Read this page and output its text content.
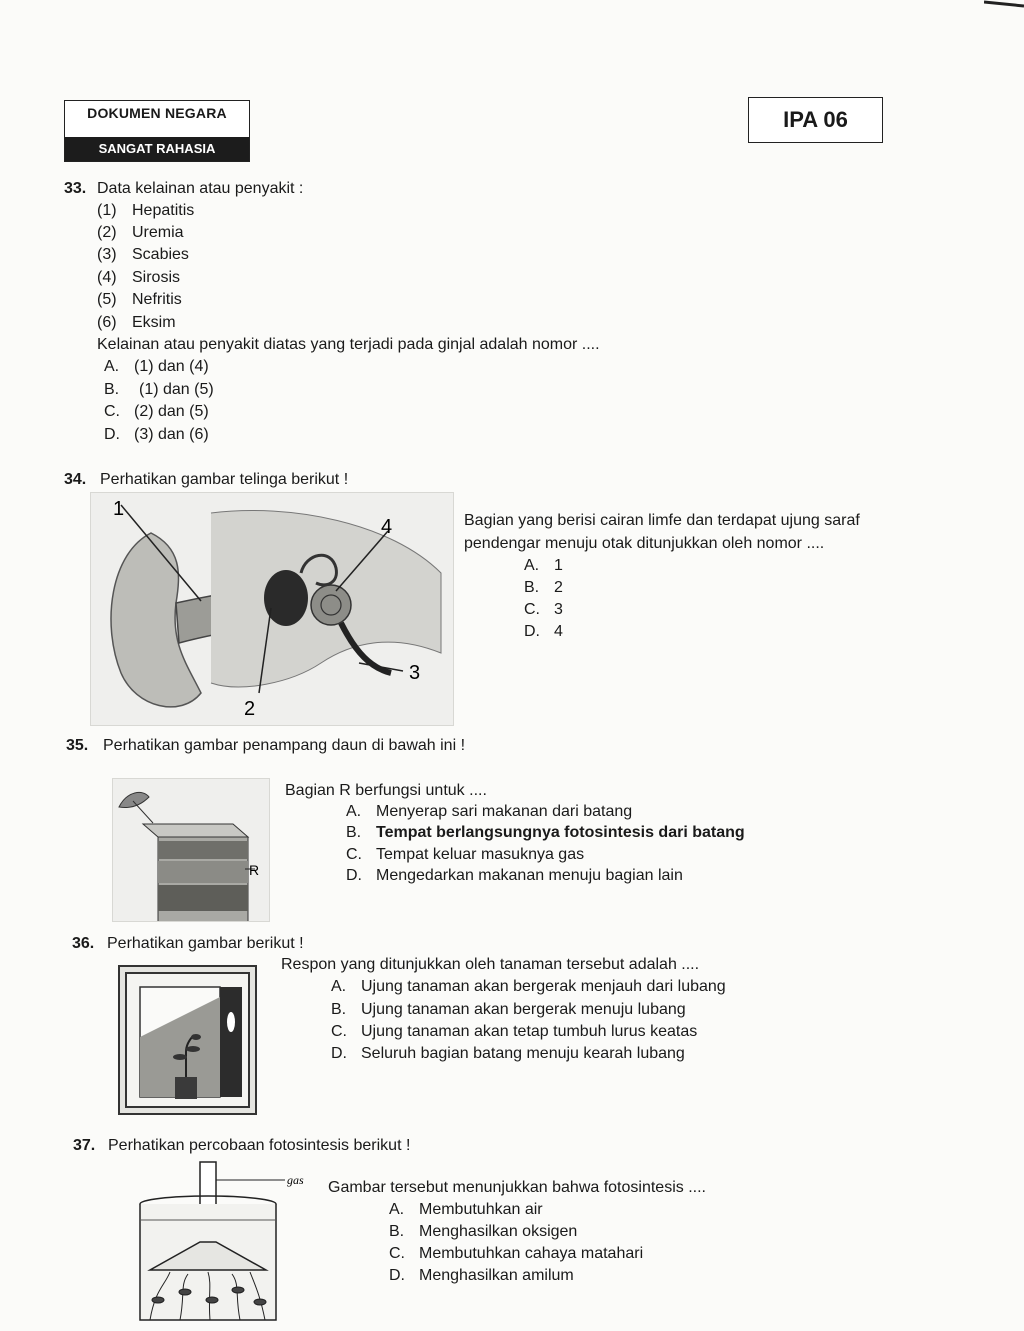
DOKUMEN NEGARA
SANGAT RAHASIA
IPA 06
33. Data kelainan atau penyakit :
(1) Hepatitis
(2) Uremia
(3) Scabies
(4) Sirosis
(5) Nefritis
(6) Eksim
Kelainan atau penyakit diatas yang terjadi pada ginjal adalah nomor ....
A. (1) dan (4)
B. (1) dan (5)
C. (2) dan (5)
D. (3) dan (6)
34. Perhatikan gambar telinga berikut !
1
2
3
4	Bagian yang berisi cairan limfe dan terdapat ujung saraf
pendengar menuju otak ditunjukkan oleh nomor ....
A. 1
B. 2
C. 3
D. 4
35. Perhatikan gambar penampang daun di bawah ini !
R
Bagian R berfungsi untuk ....
A. Menyerap sari makanan dari batang
B. Tempat berlangsungnya fotosintesis dari batang
C. Tempat keluar masuknya gas
D. Mengedarkan makanan menuju bagian lain
36. Perhatikan gambar berikut !
Respon yang ditunjukkan oleh tanaman tersebut adalah ....
A. Ujung tanaman akan bergerak menjauh dari lubang
B. Ujung tanaman akan bergerak menuju lubang
C. Ujung tanaman akan tetap tumbuh lurus keatas
D. Seluruh bagian batang menuju kearah lubang
37. Perhatikan percobaan fotosintesis berikut !
gas Gambar tersebut menunjukkan bahwa fotosintesis ....
A. Membutuhkan air
B. Menghasilkan oksigen
C. Membutuhkan cahaya matahari
D. Menghasilkan amilum
